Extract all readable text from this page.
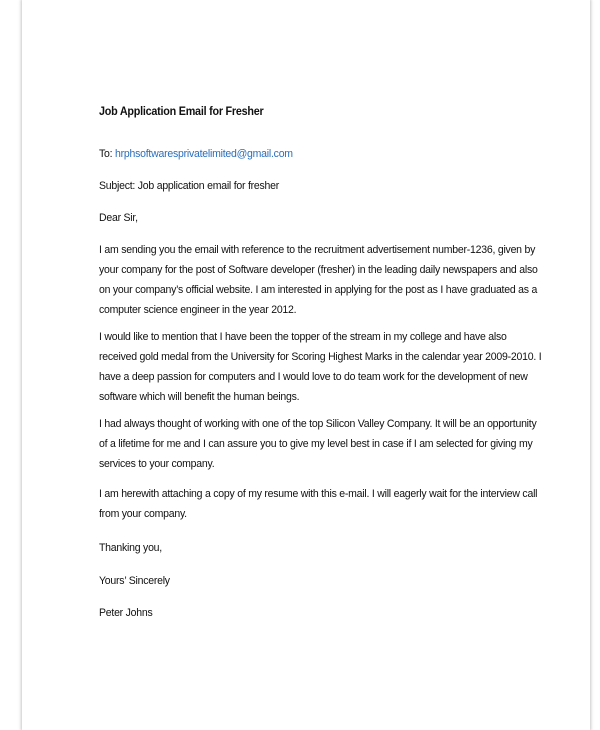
Job Application Email for Fresher
To: hrphsoftwaresprivatelimited@gmail.com
Subject: Job application email for fresher
Dear Sir,
I am sending you the email with reference to the recruitment advertisement number-1236, given by your company for the post of Software developer (fresher) in the leading daily newspapers and also on your company’s official website. I am interested in applying for the post as I have graduated as a computer science engineer in the year 2012.
I would like to mention that I have been the topper of the stream in my college and have also received gold medal from the University for Scoring Highest Marks in the calendar year 2009-2010. I have a deep passion for computers and I would love to do team work for the development of new software which will benefit the human beings.
I had always thought of working with one of the top Silicon Valley Company. It will be an opportunity of a lifetime for me and I can assure you to give my level best in case if I am selected for giving my services to your company.
I am herewith attaching a copy of my resume with this e-mail. I will eagerly wait for the interview call from your company.
Thanking you,
Yours’ Sincerely
Peter Johns
